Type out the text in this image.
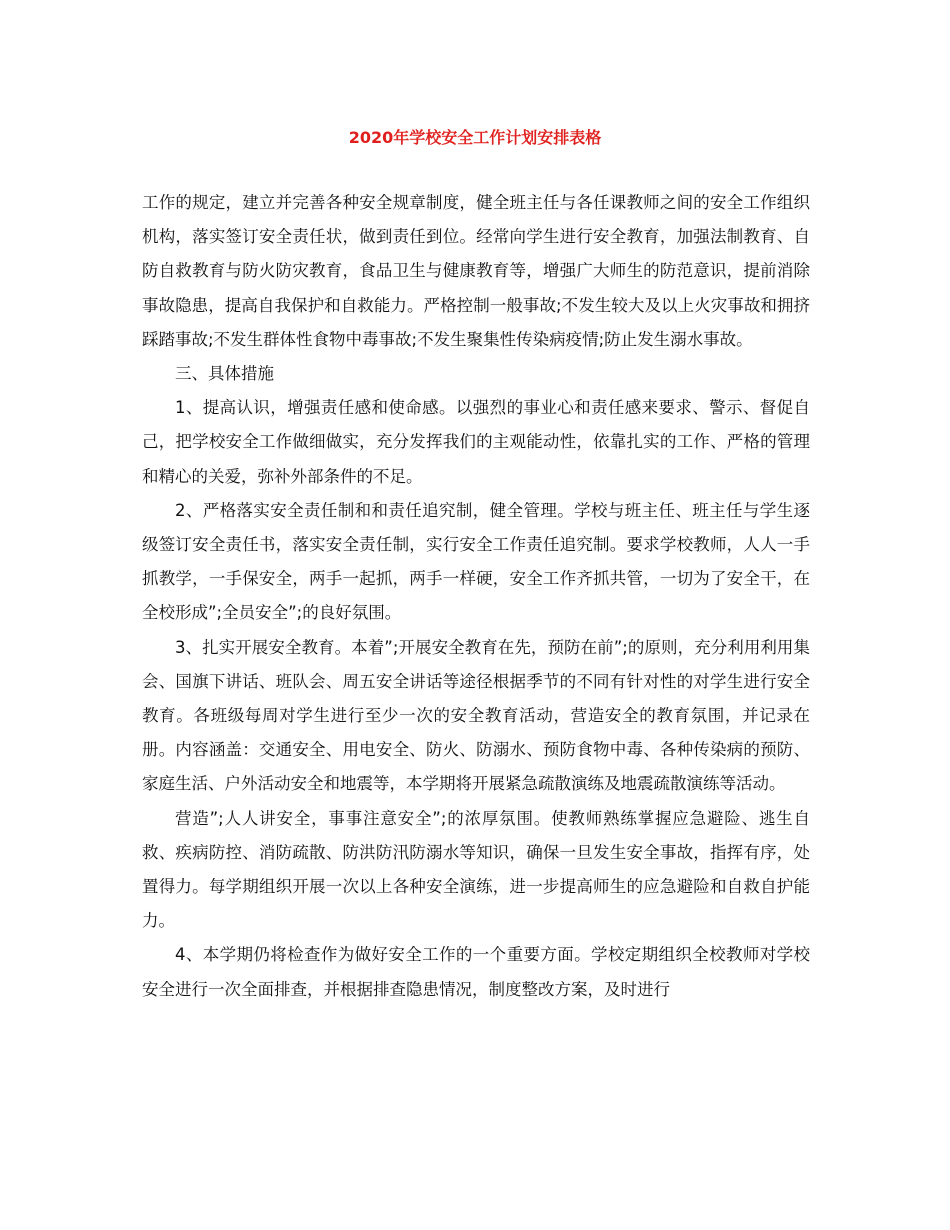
2020年学校安全工作计划安排表格

工作的规定，建立并完善各种安全规章制度，健全班主任与各任课教师之间的安全工作组织机构，落实签订安全责任状，做到责任到位。经常向学生进行安全教育，加强法制教育、自防自救教育与防火防灾教育，食品卫生与健康教育等，增强广大师生的防范意识，提前消除事故隐患，提高自我保护和自救能力。严格控制一般事故;不发生较大及以上火灾事故和拥挤踩踏事故;不发生群体性食物中毒事故;不发生聚集性传染病疫情;防止发生溺水事故。

三、具体措施

1、提高认识，增强责任感和使命感。以强烈的事业心和责任感来要求、警示、督促自己，把学校安全工作做细做实，充分发挥我们的主观能动性，依靠扎实的工作、严格的管理和精心的关爱，弥补外部条件的不足。

2、严格落实安全责任制和和责任追究制，健全管理。学校与班主任、班主任与学生逐级签订安全责任书，落实安全责任制，实行安全工作责任追究制。要求学校教师，人人一手抓教学，一手保安全，两手一起抓，两手一样硬，安全工作齐抓共管，一切为了安全干，在全校形成”;全员安全”;的良好氛围。

3、扎实开展安全教育。本着”;开展安全教育在先，预防在前”;的原则，充分利用利用集会、国旗下讲话、班队会、周五安全讲话等途径根据季节的不同有针对性的对学生进行安全教育。各班级每周对学生进行至少一次的安全教育活动，营造安全的教育氛围，并记录在册。内容涵盖：交通安全、用电安全、防火、防溺水、预防食物中毒、各种传染病的预防、家庭生活、户外活动安全和地震等，本学期将开展紧急疏散演练及地震疏散演练等活动。

营造”;人人讲安全，事事注意安全”;的浓厚氛围。使教师熟练掌握应急避险、逃生自救、疾病防控、消防疏散、防洪防汛防溺水等知识，确保一旦发生安全事故，指挥有序，处置得力。每学期组织开展一次以上各种安全演练，进一步提高师生的应急避险和自救自护能力。

4、本学期仍将检查作为做好安全工作的一个重要方面。学校定期组织全校教师对学校安全进行一次全面排查，并根据排查隐患情况，制度整改方案，及时进行
